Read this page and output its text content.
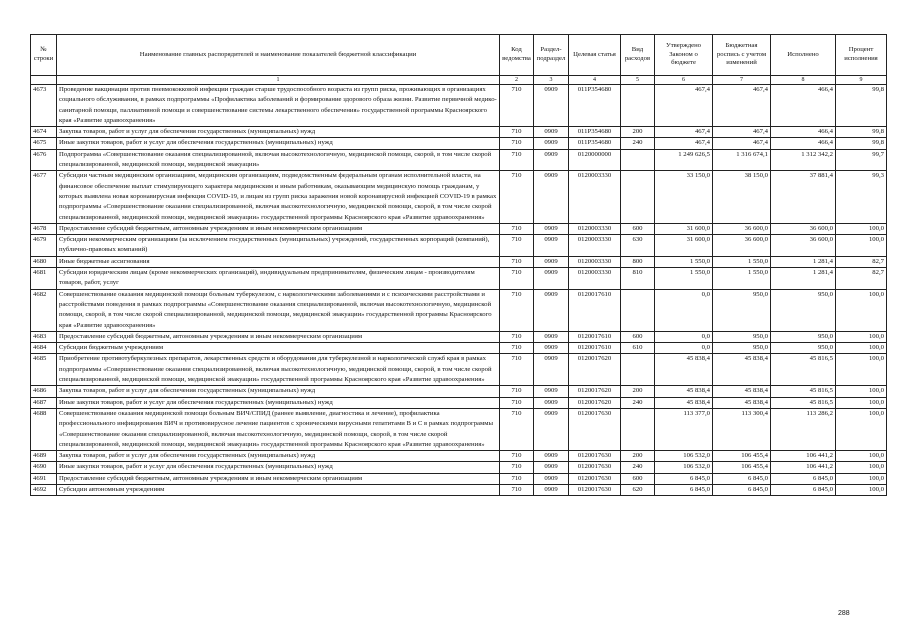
№ строки	Наименование главных распорядителей и наименование показателей бюджетной классификации	Код ведомства	Раздел-подраздел	Целевая статья	Вид расходов	Утверждено Законом о бюджете	Бюджетная роспись с учетом изменений	Исполнено	Процент исполнения
	1	2	3	4	5	6	7	8	9
4673	Проведение вакцинации против пневмококковой инфекции граждан старше трудоспособного возраста из групп риска, проживающих в организациях социального обслуживания, в рамках подпрограммы «Профилактика заболеваний и формирование здорового образа жизни. Развитие первичной медико-санитарной помощи, паллиативной помощи и совершенствование системы лекарственного обеспечения» государственной программы Красноярского края «Развитие здравоохранения»	710	0909	011P354680		467,4	467,4	466,4	99,8
4674	Закупка товаров, работ и услуг для обеспечения государственных (муниципальных) нужд	710	0909	011P354680	200	467,4	467,4	466,4	99,8
4675	Иные закупки товаров, работ и услуг для обеспечения государственных (муниципальных) нужд	710	0909	011P354680	240	467,4	467,4	466,4	99,8
4676	Подпрограмма «Совершенствование оказания специализированной, включая высокотехнологичную, медицинской помощи, скорой, в том числе скорой специализированной, медицинской помощи, медицинской эвакуации»	710	0909	0120000000		1 249 626,5	1 316 674,1	1 312 342,2	99,7
4677	Субсидии частным медицинским организациям, медицинским организациям, подведомственным федеральным органам исполнительной власти, на финансовое обеспечение выплат стимулирующего характера медицинским и иным работникам, оказывающим медицинскую помощь гражданам, у которых выявлена новая коронавирусная инфекция COVID-19, и лицам из групп риска заражения новой коронавирусной инфекцией COVID-19 в рамках подпрограммы «Совершенствование оказания специализированной, включая высокотехнологичную, медицинской помощи, скорой, в том числе скорой специализированной, медицинской помощи, медицинской эвакуации» государственной программы Красноярского края «Развитие здравоохранения»	710	0909	0120003330		33 150,0	38 150,0	37 881,4	99,3
4678	Предоставление субсидий бюджетным, автономным учреждениям и иным некоммерческим организациям	710	0909	0120003330	600	31 600,0	36 600,0	36 600,0	100,0
4679	Субсидии некоммерческим организациям (за исключением государственных (муниципальных) учреждений, государственных корпораций (компаний), публично-правовых компаний)	710	0909	0120003330	630	31 600,0	36 600,0	36 600,0	100,0
4680	Иные бюджетные ассигнования	710	0909	0120003330	800	1 550,0	1 550,0	1 281,4	82,7
4681	Субсидии юридическим лицам (кроме некоммерческих организаций), индивидуальным предпринимателям, физическим лицам - производителям товаров, работ, услуг	710	0909	0120003330	810	1 550,0	1 550,0	1 281,4	82,7
4682	Совершенствование оказания медицинской помощи больным туберкулезом, с наркологическими заболеваниями и с психическими расстройствами и расстройствами поведения в рамках подпрограммы «Совершенствование оказания специализированной, включая высокотехнологичную, медицинской помощи, скорой, в том числе скорой специализированной, медицинской помощи, медицинской эвакуации» государственной программы Красноярского края «Развитие здравоохранения»	710	0909	0120017610		0,0	950,0	950,0	100,0
4683	Предоставление субсидий бюджетным, автономным учреждениям и иным некоммерческим организациям	710	0909	0120017610	600	0,0	950,0	950,0	100,0
4684	Субсидии бюджетным учреждениям	710	0909	0120017610	610	0,0	950,0	950,0	100,0
4685	Приобретение противотуберкулезных препаратов, лекарственных средств и оборудования для туберкулезной и наркологической служб края в рамках подпрограммы «Совершенствование оказания специализированной, включая высокотехнологичную, медицинской помощи, скорой, в том числе скорой специализированной, медицинской помощи, медицинской эвакуации» государственной программы Красноярского края «Развитие здравоохранения»	710	0909	0120017620		45 838,4	45 838,4	45 816,5	100,0
4686	Закупка товаров, работ и услуг для обеспечения государственных (муниципальных) нужд	710	0909	0120017620	200	45 838,4	45 838,4	45 816,5	100,0
4687	Иные закупки товаров, работ и услуг для обеспечения государственных (муниципальных) нужд	710	0909	0120017620	240	45 838,4	45 838,4	45 816,5	100,0
4688	Совершенствование оказания медицинской помощи больным ВИЧ/СПИД (раннее выявление, диагностика и лечение), профилактика профессионального инфицирования ВИЧ и противовирусное лечение пациентов с хроническими вирусными гепатитами В и С в рамках подпрограммы «Совершенствование оказания специализированной, включая высокотехнологичную, медицинской помощи, скорой, в том числе скорой специализированной, медицинской помощи, медицинской эвакуации» государственной программы Красноярского края «Развитие здравоохранения»	710	0909	0120017630		113 377,0	113 300,4	113 286,2	100,0
4689	Закупка товаров, работ и услуг для обеспечения государственных (муниципальных) нужд	710	0909	0120017630	200	106 532,0	106 455,4	106 441,2	100,0
4690	Иные закупки товаров, работ и услуг для обеспечения государственных (муниципальных) нужд	710	0909	0120017630	240	106 532,0	106 455,4	106 441,2	100,0
4691	Предоставление субсидий бюджетным, автономным учреждениям и иным некоммерческим организациям	710	0909	0120017630	600	6 845,0	6 845,0	6 845,0	100,0
4692	Субсидии автономным учреждениям	710	0909	0120017630	620	6 845,0	6 845,0	6 845,0	100,0
288
